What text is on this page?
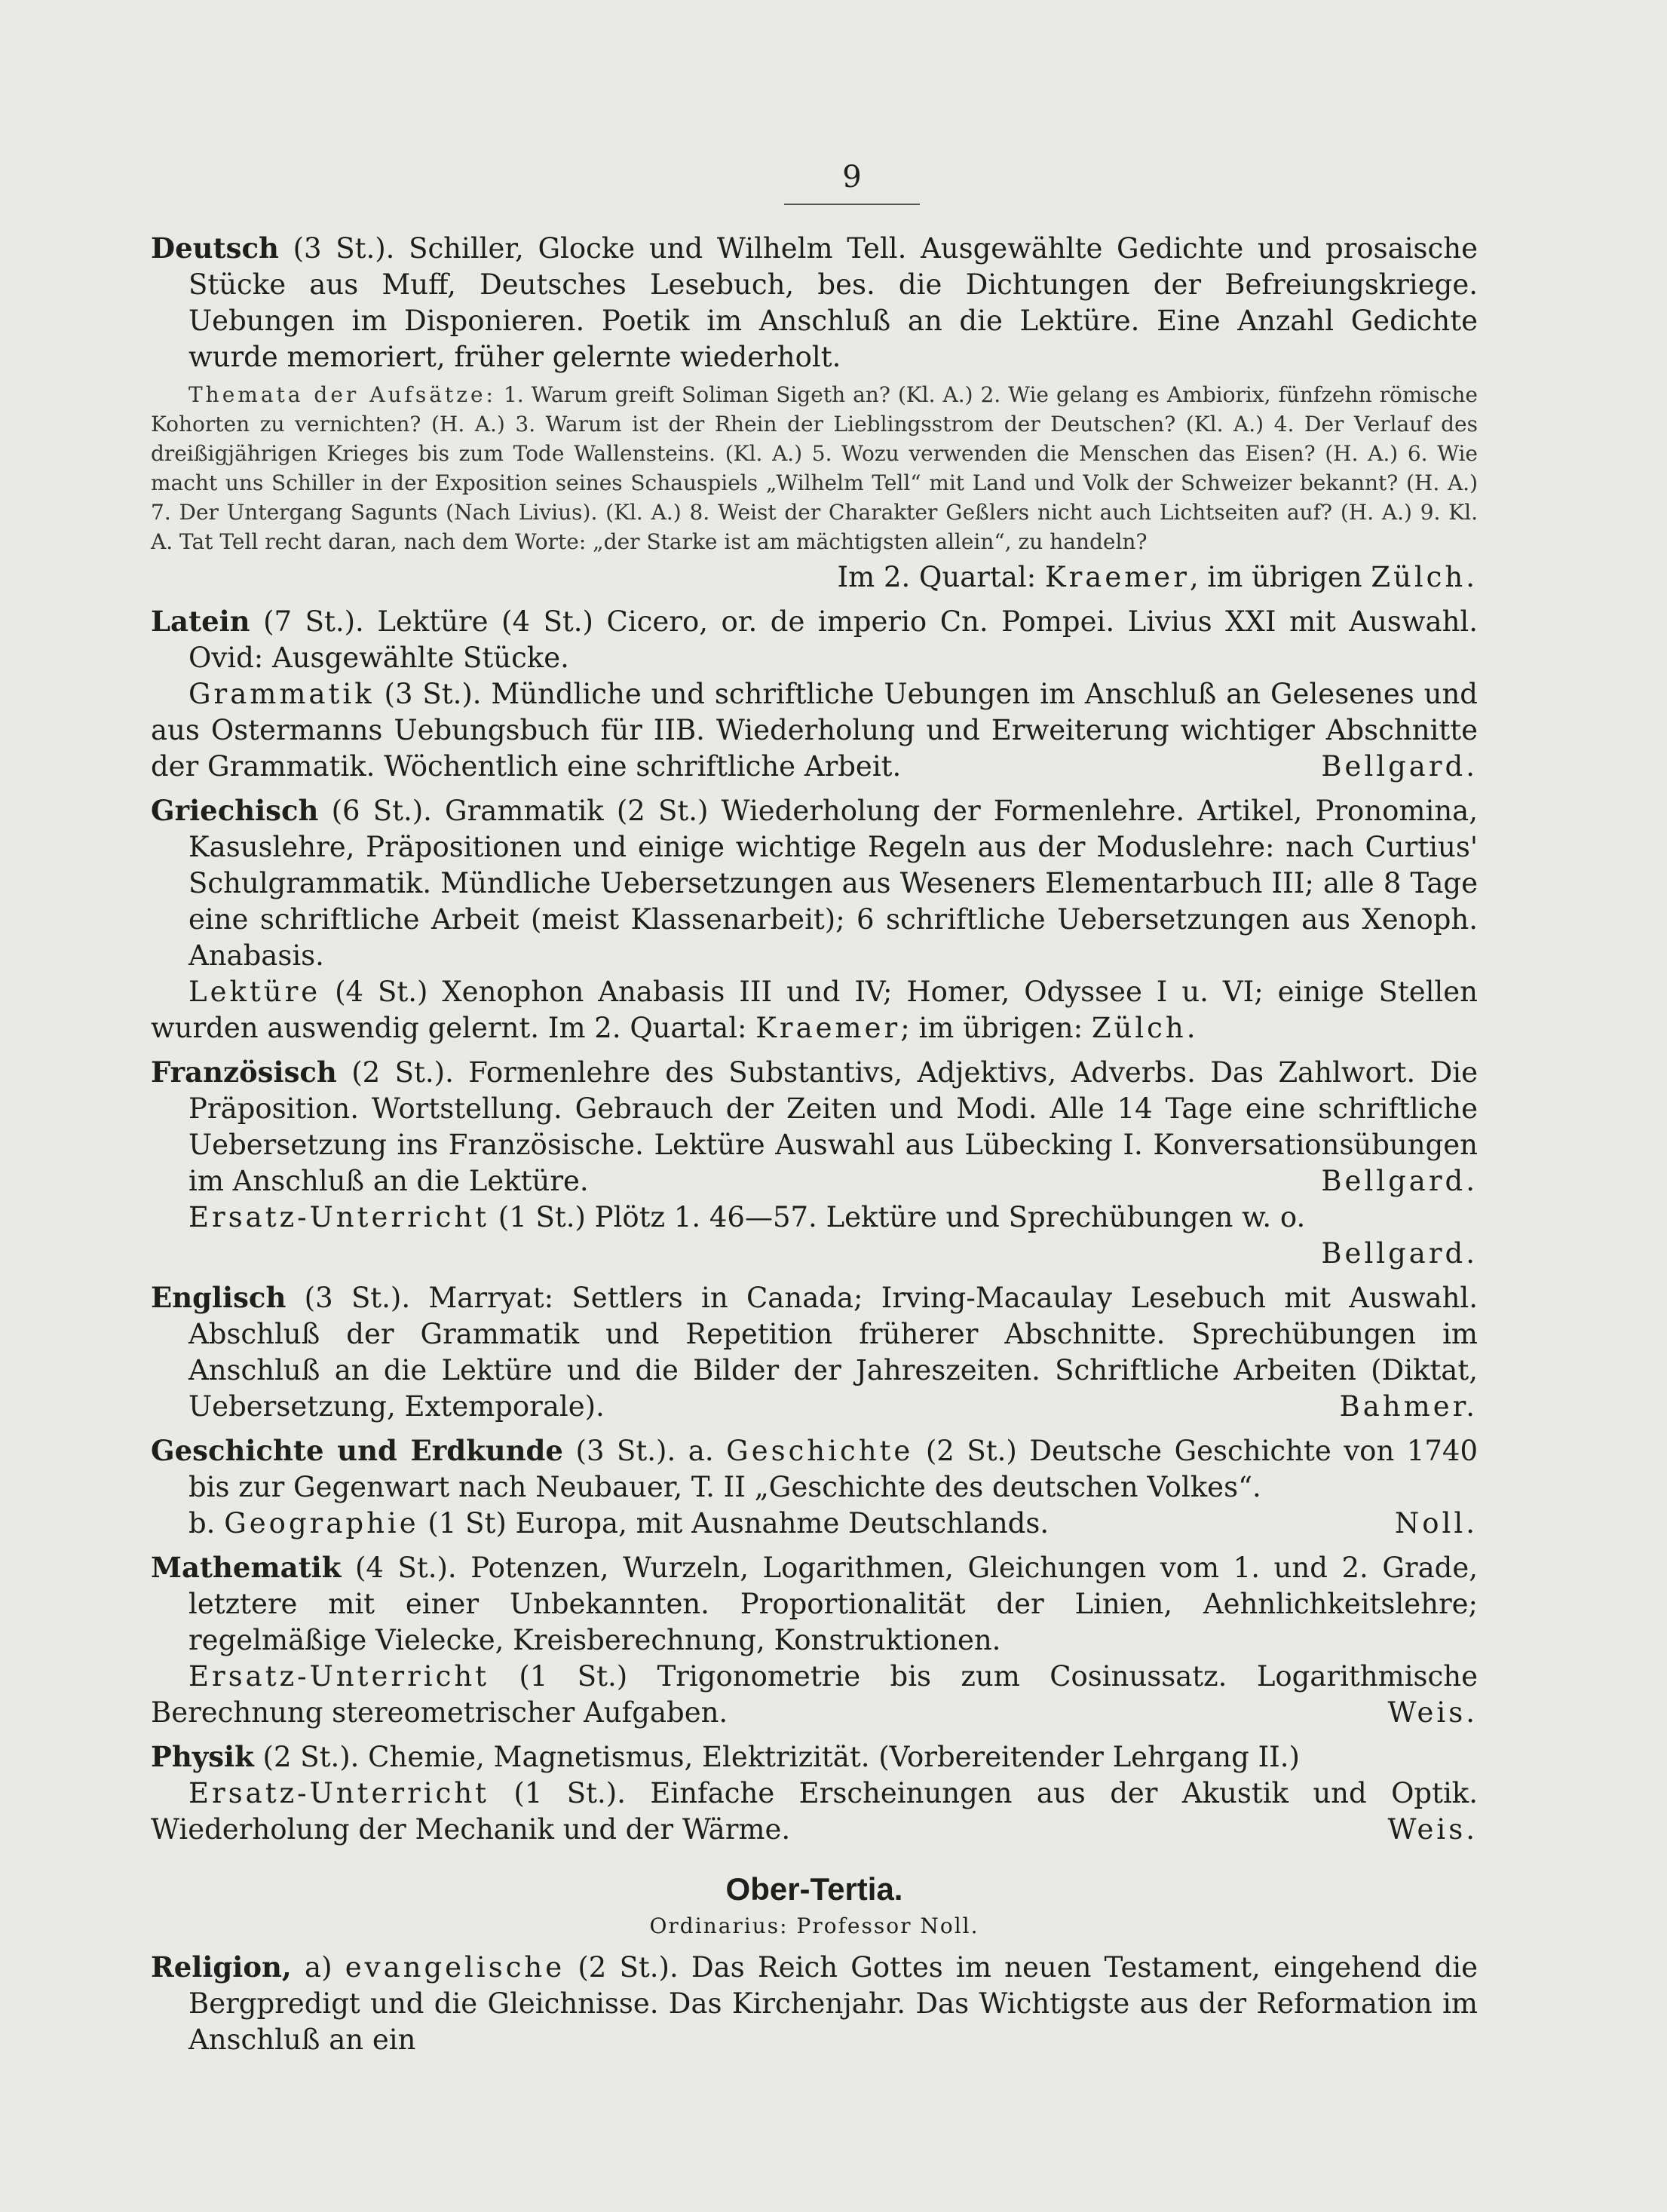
9

Deutsch (3 St.). Schiller, Glocke und Wilhelm Tell. Ausgewählte Gedichte und prosaische Stücke aus Muff, Deutsches Lesebuch, bes. die Dichtungen der Befreiungskriege. Uebungen im Disponieren. Poetik im Anschluß an die Lektüre. Eine Anzahl Gedichte wurde memoriert, früher gelernte wiederholt.

Themata der Aufsätze: 1. Warum greift Soliman Sigeth an? (Kl. A.) 2. Wie gelang es Ambiorix, fünfzehn römische Kohorten zu vernichten? (H. A.) 3. Warum ist der Rhein der Lieblingsstrom der Deutschen? (Kl. A.) 4. Der Verlauf des dreißigjährigen Krieges bis zum Tode Wallensteins. (Kl. A.) 5. Wozu verwenden die Menschen das Eisen? (H. A.) 6. Wie macht uns Schiller in der Exposition seines Schauspiels „Wilhelm Tell“ mit Land und Volk der Schweizer bekannt? (H. A.) 7. Der Untergang Sagunts (Nach Livius). (Kl. A.) 8. Weist der Charakter Geßlers nicht auch Lichtseiten auf? (H. A.) 9. Kl. A. Tat Tell recht daran, nach dem Worte: „der Starke ist am mächtigsten allein“, zu handeln?

Im 2. Quartal: Kraemer, im übrigen Zülch.

Latein (7 St.). Lektüre (4 St.) Cicero, or. de imperio Cn. Pompei. Livius XXI mit Auswahl. Ovid: Ausgewählte Stücke.

Grammatik (3 St.). Mündliche und schriftliche Uebungen im Anschluß an Gelesenes und aus Ostermanns Uebungsbuch für IIB. Wiederholung und Erweiterung wichtiger Abschnitte der Grammatik. Wöchentlich eine schriftliche Arbeit.	Bellgard.

Griechisch (6 St.). Grammatik (2 St.) Wiederholung der Formenlehre. Artikel, Pronomina, Kasuslehre, Präpositionen und einige wichtige Regeln aus der Moduslehre: nach Curtius' Schulgrammatik. Mündliche Uebersetzungen aus Weseners Elementarbuch III; alle 8 Tage eine schriftliche Arbeit (meist Klassenarbeit); 6 schriftliche Uebersetzungen aus Xenoph. Anabasis.

Lektüre (4 St.) Xenophon Anabasis III und IV; Homer, Odyssee I u. VI; einige Stellen wurden auswendig gelernt. Im 2. Quartal: Kraemer; im übrigen: Zülch.

Französisch (2 St.). Formenlehre des Substantivs, Adjektivs, Adverbs. Das Zahlwort. Die Präposition. Wortstellung. Gebrauch der Zeiten und Modi. Alle 14 Tage eine schriftliche Uebersetzung ins Französische. Lektüre Auswahl aus Lübecking I. Konversationsübungen im Anschluß an die Lektüre.	Bellgard.

Ersatz-Unterricht (1 St.) Plötz 1. 46—57. Lektüre und Sprechübungen w. o.
Bellgard.

Englisch (3 St.). Marryat: Settlers in Canada; Irving-Macaulay Lesebuch mit Auswahl. Abschluß der Grammatik und Repetition früherer Abschnitte. Sprechübungen im Anschluß an die Lektüre und die Bilder der Jahreszeiten. Schriftliche Arbeiten (Diktat, Uebersetzung, Extemporale).	Bahmer.

Geschichte und Erdkunde (3 St.). a. Geschichte (2 St.) Deutsche Geschichte von 1740 bis zur Gegenwart nach Neubauer, T. II „Geschichte des deutschen Volkes“.

b. Geographie (1 St) Europa, mit Ausnahme Deutschlands.	Noll.

Mathematik (4 St.). Potenzen, Wurzeln, Logarithmen, Gleichungen vom 1. und 2. Grade, letztere mit einer Unbekannten. Proportionalität der Linien, Aehnlichkeitslehre; regelmäßige Vielecke, Kreisberechnung, Konstruktionen.

Ersatz-Unterricht (1 St.) Trigonometrie bis zum Cosinussatz. Logarithmische Berechnung stereometrischer Aufgaben.	Weis.

Physik (2 St.). Chemie, Magnetismus, Elektrizität. (Vorbereitender Lehrgang II.)

Ersatz-Unterricht (1 St.). Einfache Erscheinungen aus der Akustik und Optik. Wiederholung der Mechanik und der Wärme.	Weis.

Ober-Tertia.
Ordinarius: Professor Noll.

Religion, a) evangelische (2 St.). Das Reich Gottes im neuen Testament, eingehend die Bergpredigt und die Gleichnisse. Das Kirchenjahr. Das Wichtigste aus der Reformation im Anschluß an ein
